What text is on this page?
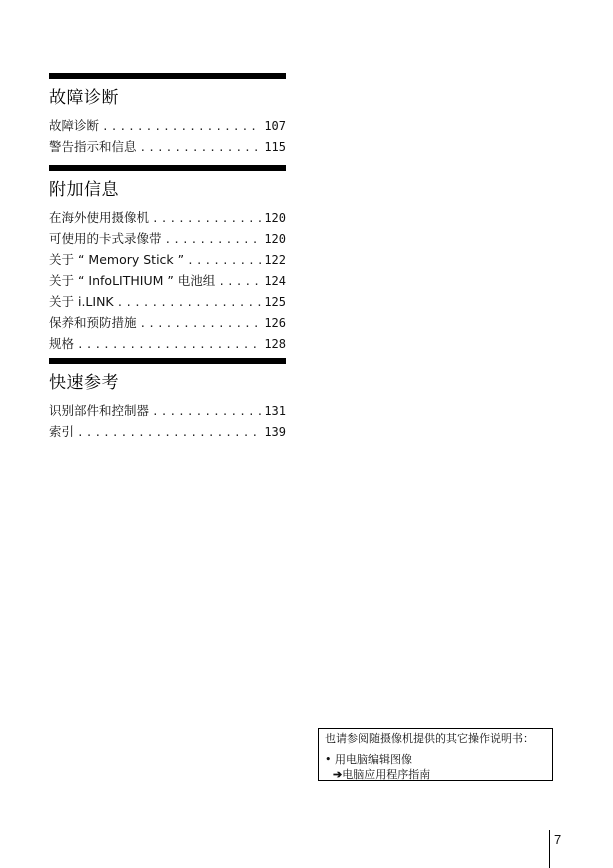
故障诊断
故障诊断 .....	107
警告指示和信息 .....	115
附加信息
在海外使用摄像机 .....	120
可使用的卡式录像带 .....	120
关于 “ Memory Stick ” .....	122
关于 “ InfoLITHIUM ” 电池组 .....	124
关于 i.LINK .....	125
保养和预防措施 .....	126
规格 .....	128
快速参考
识别部件和控制器 .....	131
索引 .....	139
也请参阅随摄像机提供的其它操作说明书：
• 用电脑编辑图像
➔电脑应用程序指南
7
